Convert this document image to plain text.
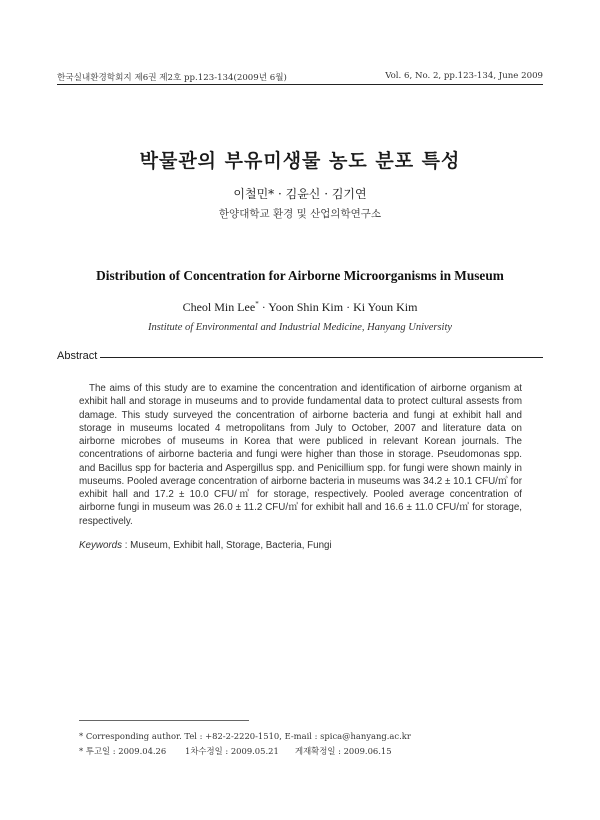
한국실내환경학회지 제6권 제2호 pp.123-134(2009년 6월)	Vol. 6, No. 2, pp.123-134, June 2009
박물관의 부유미생물 농도 분포 특성
이철민* · 김윤신 · 김기연
한양대학교 환경 및 산업의학연구소
Distribution of Concentration for Airborne Microorganisms in Museum
Cheol Min Lee* · Yoon Shin Kim · Ki Youn Kim
Institute of Environmental and Industrial Medicine, Hanyang University
Abstract
The aims of this study are to examine the concentration and identification of airborne organism at exhibit hall and storage in museums and to provide fundamental data to protect cultural assests from damage. This study surveyed the concentration of airborne bacteria and fungi at exhibit hall and storage in museums located 4 metropolitans from July to October, 2007 and literature data on airborne microbes of museums in Korea that were publiced in relevant Korean journals. The concentrations of airborne bacteria and fungi were higher than those in storage. Pseudomonas spp. and Bacillus spp for bacteria and Aspergillus spp. and Penicillium spp. for fungi were shown mainly in museums. Pooled average concentration of airborne bacteria in museums was 34.2 ± 10.1 CFU/㎥ for exhibit hall and 17.2 ± 10.0 CFU/㎥ for storage, respectively. Pooled average concentration of airborne fungi in museum was 26.0 ± 11.2 CFU/㎥ for exhibit hall and 16.6 ± 11.0 CFU/㎥ for storage, respectively.
Keywords : Museum, Exhibit hall, Storage, Bacteria, Fungi
* Corresponding author. Tel : +82-2-2220-1510, E-mail : spica@hanyang.ac.kr
* 투고일 : 2009.04.26 1차수정일 : 2009.05.21 게재확정일 : 2009.06.15
